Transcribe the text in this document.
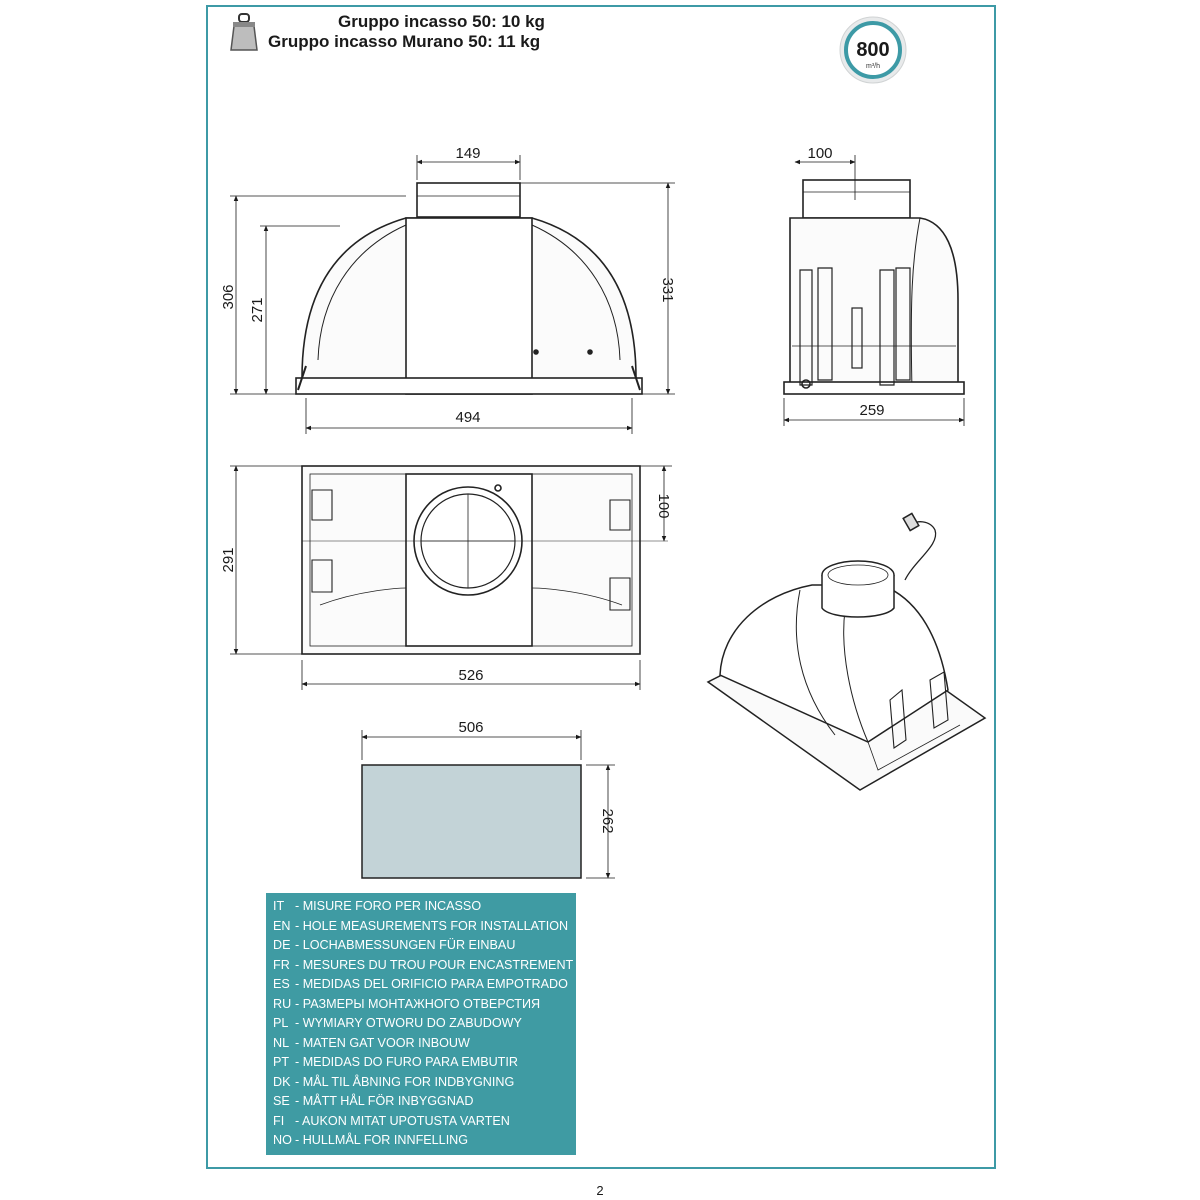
Gruppo incasso 50: 10 kg
Gruppo incasso Murano 50: 11 kg	800
m³/h
149
306
271
331
494
100
259
291
100
526
506
262
IT - MISURE FORO PER INCASSO
EN - HOLE MEASUREMENTS FOR INSTALLATION
DE - LOCHABMESSUNGEN FÜR EINBAU
FR - MESURES DU TROU POUR ENCASTREMENT
ES - MEDIDAS DEL ORIFICIO PARA EMPOTRADO
RU - РАЗМЕРЫ МОНТАЖНОГО ОТВЕРСТИЯ
PL - WYMIARY OTWORU DO ZABUDOWY
NL - MATEN GAT VOOR INBOUW
PT - MEDIDAS DO FURO PARA EMBUTIR
DK - MÅL TIL ÅBNING FOR INDBYGNING
SE - MÅTT HÅL FÖR INBYGGNAD
FI - AUKON MITAT UPOTUSTA VARTEN
NO - HULLMÅL FOR INNFELLING
2
